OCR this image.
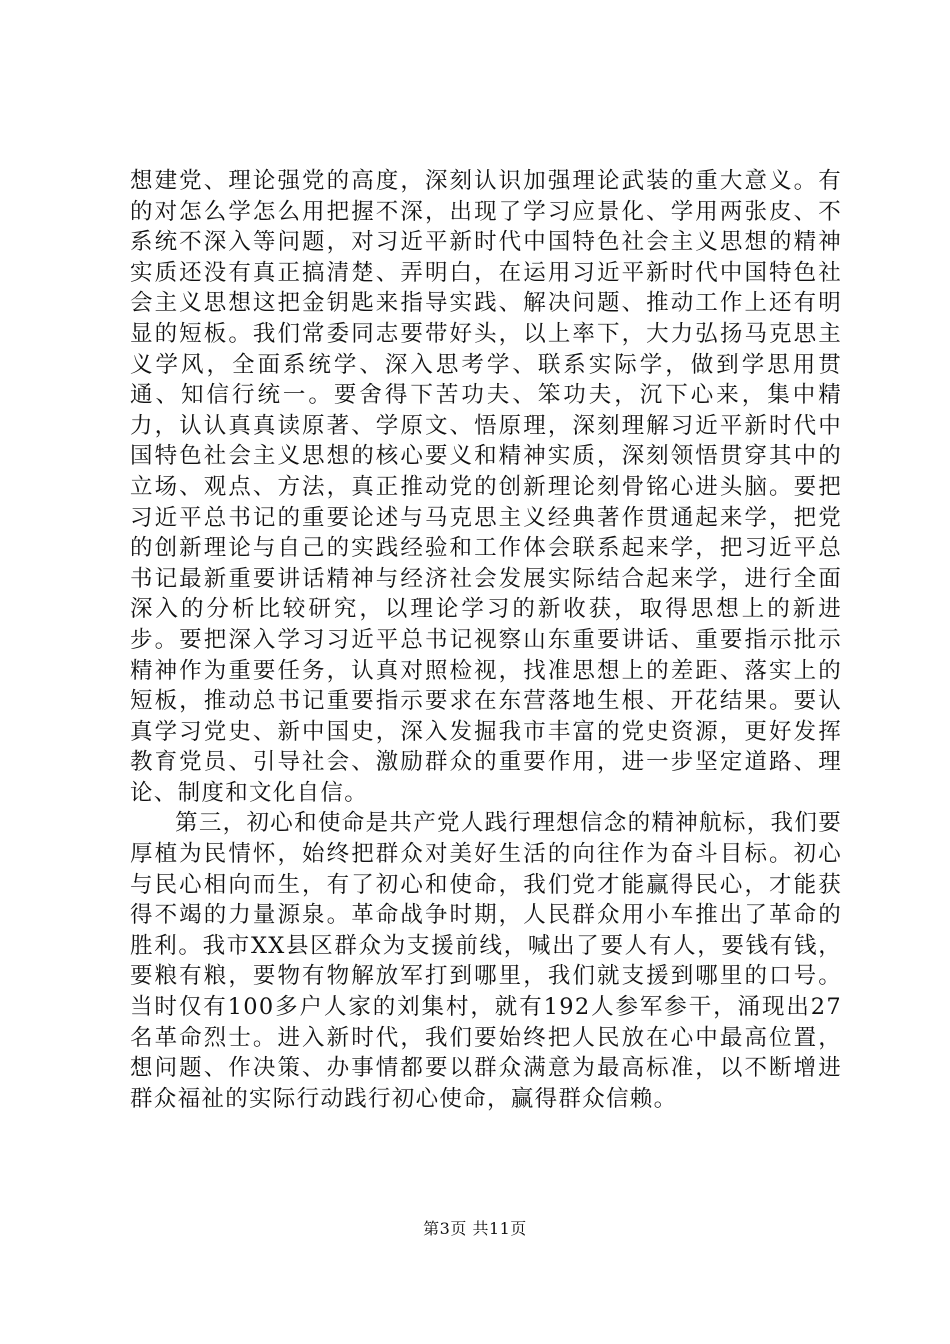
想建党、理论强党的高度，深刻认识加强理论武装的重大意义。有的对怎么学怎么用把握不深，出现了学习应景化、学用两张皮、不系统不深入等问题，对习近平新时代中国特色社会主义思想的精神实质还没有真正搞清楚、弄明白，在运用习近平新时代中国特色社会主义思想这把金钥匙来指导实践、解决问题、推动工作上还有明显的短板。我们常委同志要带好头，以上率下，大力弘扬马克思主义学风，全面系统学、深入思考学、联系实际学，做到学思用贯通、知信行统一。要舍得下苦功夫、笨功夫，沉下心来，集中精力，认认真真读原著、学原文、悟原理，深刻理解习近平新时代中国特色社会主义思想的核心要义和精神实质，深刻领悟贯穿其中的立场、观点、方法，真正推动党的创新理论刻骨铭心进头脑。要把习近平总书记的重要论述与马克思主义经典著作贯通起来学，把党的创新理论与自己的实践经验和工作体会联系起来学，把习近平总书记最新重要讲话精神与经济社会发展实际结合起来学，进行全面深入的分析比较研究，以理论学习的新收获，取得思想上的新进步。要把深入学习习近平总书记视察山东重要讲话、重要指示批示精神作为重要任务，认真对照检视，找准思想上的差距、落实上的短板，推动总书记重要指示要求在东营落地生根、开花结果。要认真学习党史、新中国史，深入发掘我市丰富的党史资源，更好发挥教育党员、引导社会、激励群众的重要作用，进一步坚定道路、理论、制度和文化自信。

第三，初心和使命是共产党人践行理想信念的精神航标，我们要厚植为民情怀，始终把群众对美好生活的向往作为奋斗目标。初心与民心相向而生，有了初心和使命，我们党才能赢得民心，才能获得不竭的力量源泉。革命战争时期，人民群众用小车推出了革命的胜利。我市XX县区群众为支援前线，喊出了要人有人，要钱有钱，要粮有粮，要物有物解放军打到哪里，我们就支援到哪里的口号。当时仅有100多户人家的刘集村，就有192人参军参干，涌现出27名革命烈士。进入新时代，我们要始终把人民放在心中最高位置，想问题、作决策、办事情都要以群众满意为最高标准，以不断增进群众福祉的实际行动践行初心使命，赢得群众信赖。

第3页 共11页
